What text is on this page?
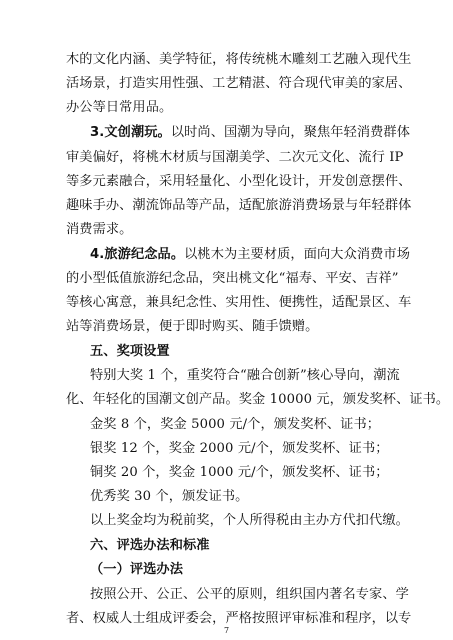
木的文化内涵、美学特征，将传统桃木雕刻工艺融入现代生
活场景，打造实用性强、工艺精湛、符合现代审美的家居、
办公等日常用品。
3.文创潮玩。以时尚、国潮为导向，聚焦年轻消费群体
审美偏好，将桃木材质与国潮美学、二次元文化、流行 IP
等多元素融合，采用轻量化、小型化设计，开发创意摆件、
趣味手办、潮流饰品等产品，适配旅游消费场景与年轻群体
消费需求。
4.旅游纪念品。以桃木为主要材质，面向大众消费市场
的小型低值旅游纪念品，突出桃文化“福寿、平安、吉祥”
等核心寓意，兼具纪念性、实用性、便携性，适配景区、车
站等消费场景，便于即时购买、随手馈赠。
五、奖项设置
特别大奖 1 个，重奖符合“融合创新”核心导向，潮流
化、年轻化的国潮文创产品。奖金 10000 元，颁发奖杯、证书。
金奖 8 个，奖金 5000 元/个，颁发奖杯、证书；
银奖 12 个，奖金 2000 元/个，颁发奖杯、证书；
铜奖 20 个，奖金 1000 元/个，颁发奖杯、证书；
优秀奖 30 个，颁发证书。
以上奖金均为税前奖，个人所得税由主办方代扣代缴。
六、评选办法和标准
（一）评选办法
按照公开、公正、公平的原则，组织国内著名专家、学
者、权威人士组成评委会，严格按照评审标准和程序，以专
7
